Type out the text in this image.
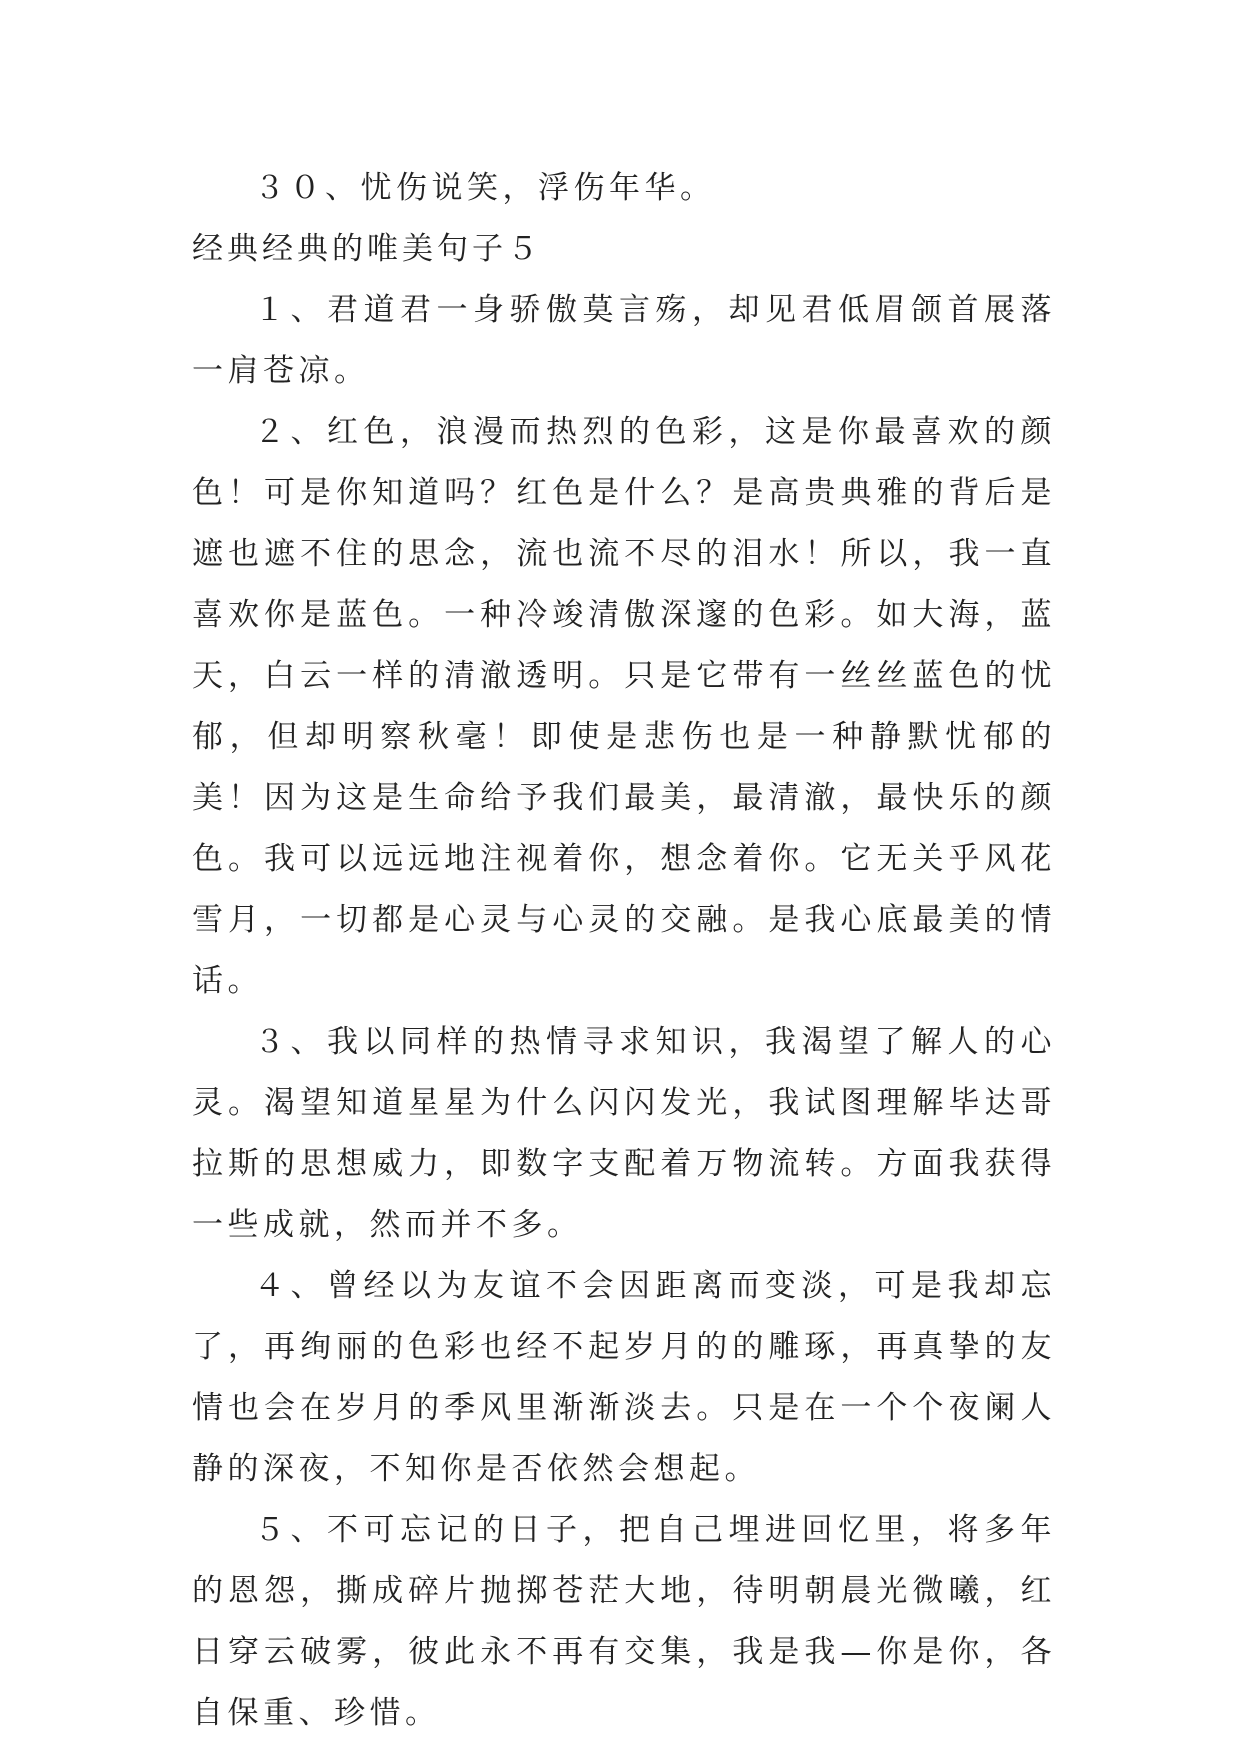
３０、忧伤说笑，浮伤年华。

经典经典的唯美句子５

１、君道君一身骄傲莫言殇，却见君低眉颌首展落一肩苍凉。

２、红色，浪漫而热烈的色彩，这是你最喜欢的颜色！可是你知道吗？红色是什么？是高贵典雅的背后是遮也遮不住的思念，流也流不尽的泪水！所以，我一直喜欢你是蓝色。一种冷竣清傲深邃的色彩。如大海，蓝天，白云一样的清澈透明。只是它带有一丝丝蓝色的忧郁，但却明察秋毫！即使是悲伤也是一种静默忧郁的美！因为这是生命给予我们最美，最清澈，最快乐的颜色。我可以远远地注视着你，想念着你。它无关乎风花雪月，一切都是心灵与心灵的交融。是我心底最美的情话。

３、我以同样的热情寻求知识，我渴望了解人的心灵。渴望知道星星为什么闪闪发光，我试图理解毕达哥拉斯的思想威力，即数字支配着万物流转。方面我获得一些成就，然而并不多。

４、曾经以为友谊不会因距离而变淡，可是我却忘了，再绚丽的色彩也经不起岁月的的雕琢，再真挚的友情也会在岁月的季风里渐渐淡去。只是在一个个夜阑人静的深夜，不知你是否依然会想起。

５、不可忘记的日子，把自己埋进回忆里，将多年的恩怨，撕成碎片抛掷苍茫大地，待明朝晨光微曦，红日穿云破雾，彼此永不再有交集，我是我—你是你，各自保重、珍惜。
